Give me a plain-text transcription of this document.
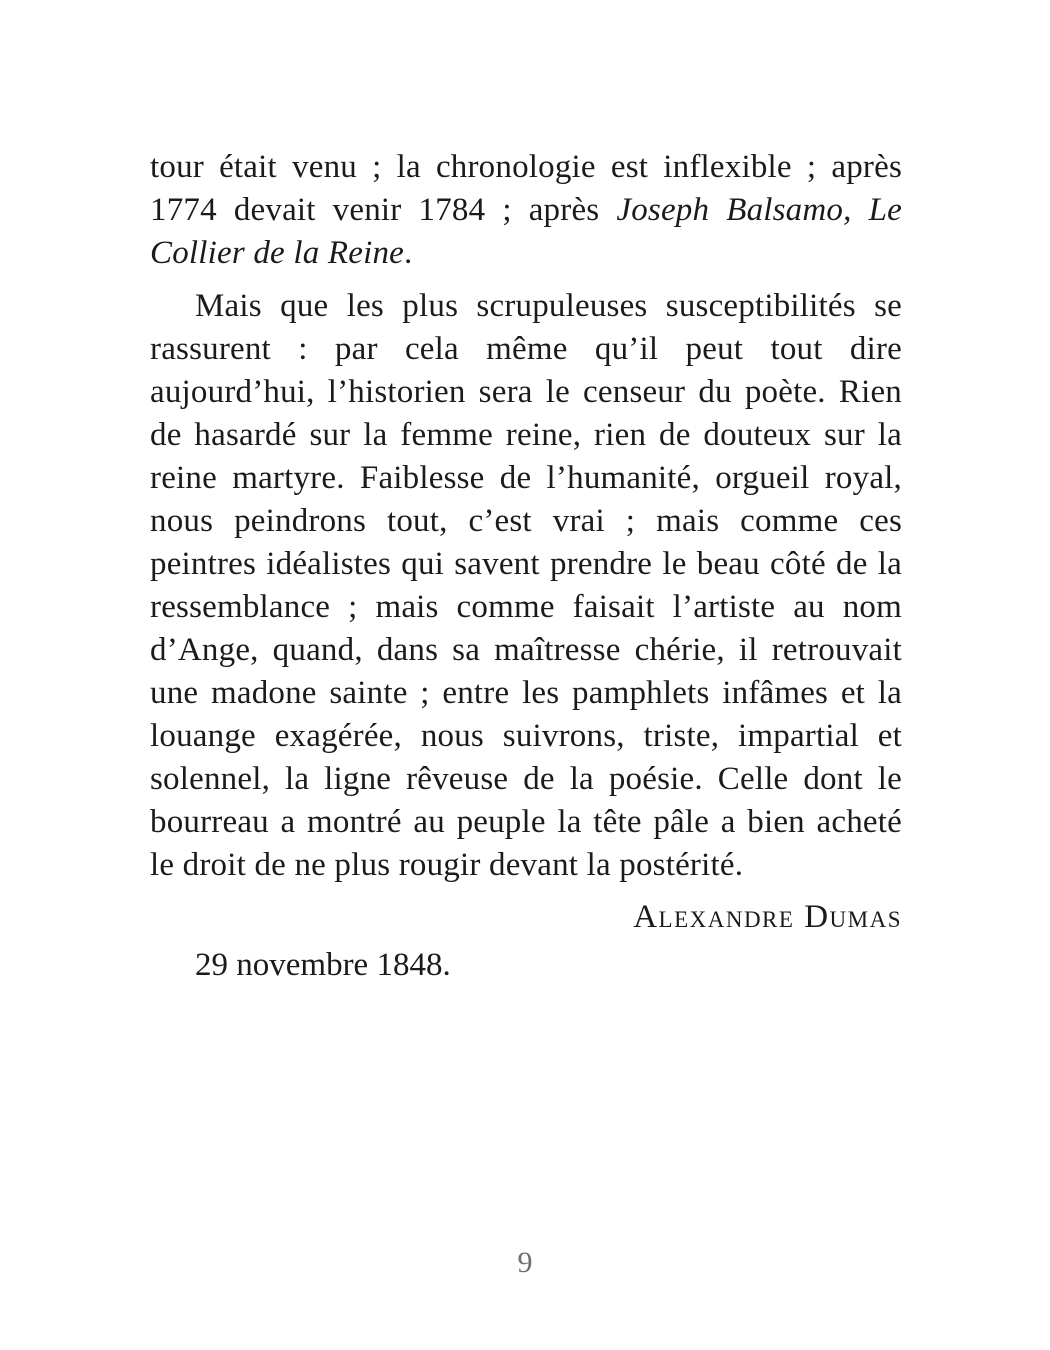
tour était venu ; la chronologie est inflexible ; après 1774 devait venir 1784 ; après Joseph Balsamo, Le Collier de la Reine.

Mais que les plus scrupuleuses susceptibilités se rassurent : par cela même qu’il peut tout dire aujourd’hui, l’historien sera le censeur du poète. Rien de hasardé sur la femme reine, rien de douteux sur la reine martyre. Faiblesse de l’humanité, orgueil royal, nous peindrons tout, c’est vrai ; mais comme ces peintres idéalistes qui savent prendre le beau côté de la ressemblance ; mais comme faisait l’artiste au nom d’Ange, quand, dans sa maîtresse chérie, il retrouvait une madone sainte ; entre les pamphlets infâmes et la louange exagérée, nous suivrons, triste, impartial et solennel, la ligne rêveuse de la poésie. Celle dont le bourreau a montré au peuple la tête pâle a bien acheté le droit de ne plus rougir devant la postérité.

Alexandre Dumas

29 novembre 1848.

9
